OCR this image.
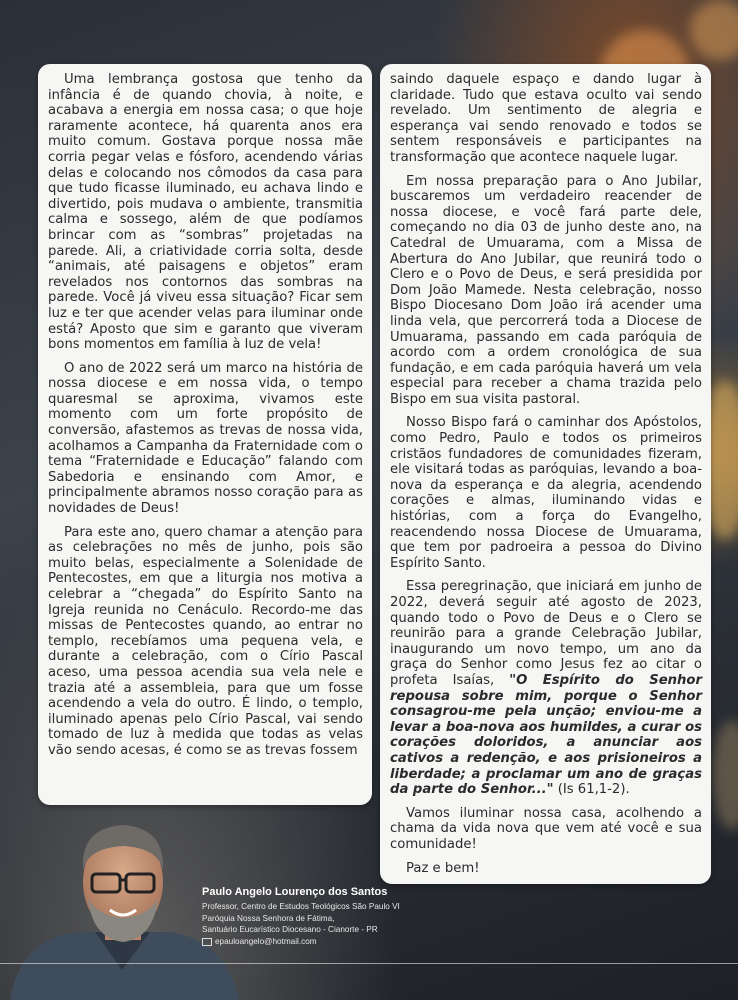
Uma lembrança gostosa que tenho da infância é de quando chovia, à noite, e acabava a energia em nossa casa; o que hoje raramente acontece, há quarenta anos era muito comum. Gostava porque nossa mãe corria pegar velas e fósforo, acendendo várias delas e colocando nos cômodos da casa para que tudo ficasse iluminado, eu achava lindo e divertido, pois mudava o ambiente, transmitia calma e sossego, além de que podíamos brincar com as “sombras” projetadas na parede. Ali, a criatividade corria solta, desde “animais, até paisagens e objetos” eram revelados nos contornos das sombras na parede. Você já viveu essa situação? Ficar sem luz e ter que acender velas para iluminar onde está? Aposto que sim e garanto que viveram bons momentos em família à luz de vela!

O ano de 2022 será um marco na história de nossa diocese e em nossa vida, o tempo quaresmal se aproxima, vivamos este momento com um forte propósito de conversão, afastemos as trevas de nossa vida, acolhamos a Campanha da Fraternidade com o tema “Fraternidade e Educação” falando com Sabedoria e ensinando com Amor, e principalmente abramos nosso coração para as novidades de Deus!

Para este ano, quero chamar a atenção para as celebrações no mês de junho, pois são muito belas, especialmente a Solenidade de Pentecostes, em que a liturgia nos motiva a celebrar a “chegada” do Espírito Santo na Igreja reunida no Cenáculo. Recordo-me das missas de Pentecostes quando, ao entrar no templo, recebíamos uma pequena vela, e durante a celebração, com o Círio Pascal aceso, uma pessoa acendia sua vela nele e trazia até a assembleia, para que um fosse acendendo a vela do outro. É lindo, o templo, iluminado apenas pelo Círio Pascal, vai sendo tomado de luz à medida que todas as velas vão sendo acesas, é como se as trevas fossem

saindo daquele espaço e dando lugar à claridade. Tudo que estava oculto vai sendo revelado. Um sentimento de alegria e esperança vai sendo renovado e todos se sentem responsáveis e participantes na transformação que acontece naquele lugar.

Em nossa preparação para o Ano Jubilar, buscaremos um verdadeiro reacender de nossa diocese, e você fará parte dele, começando no dia 03 de junho deste ano, na Catedral de Umuarama, com a Missa de Abertura do Ano Jubilar, que reunirá todo o Clero e o Povo de Deus, e será presidida por Dom João Mamede. Nesta celebração, nosso Bispo Diocesano Dom João irá acender uma linda vela, que percorrerá toda a Diocese de Umuarama, passando em cada paróquia de acordo com a ordem cronológica de sua fundação, e em cada paróquia haverá um vela especial para receber a chama trazida pelo Bispo em sua visita pastoral.

Nosso Bispo fará o caminhar dos Apóstolos, como Pedro, Paulo e todos os primeiros cristãos fundadores de comunidades fizeram, ele visitará todas as paróquias, levando a boa-nova da esperança e da alegria, acendendo corações e almas, iluminando vidas e histórias, com a força do Evangelho, reacendendo nossa Diocese de Umuarama, que tem por padroeira a pessoa do Divino Espírito Santo.

Essa peregrinação, que iniciará em junho de 2022, deverá seguir até agosto de 2023, quando todo o Povo de Deus e o Clero se reunirão para a grande Celebração Jubilar, inaugurando um novo tempo, um ano da graça do Senhor como Jesus fez ao citar o profeta Isaías, "O Espírito do Senhor repousa sobre mim, porque o Senhor consagrou-me pela unção; enviou-me a levar a boa-nova aos humildes, a curar os corações doloridos, a anunciar aos cativos a redenção, e aos prisioneiros a liberdade; a proclamar um ano de graças da parte do Senhor..." (Is 61,1-2).

Vamos iluminar nossa casa, acolhendo a chama da vida nova que vem até você e sua comunidade!

Paz e bem!

Paulo Angelo Lourenço dos Santos
Professor, Centro de Estudos Teológicos São Paulo VI
Paróquia Nossa Senhora de Fátima,
Santuário Eucarístico Diocesano - Cianorte - PR
epauloangelo@hotmail.com
